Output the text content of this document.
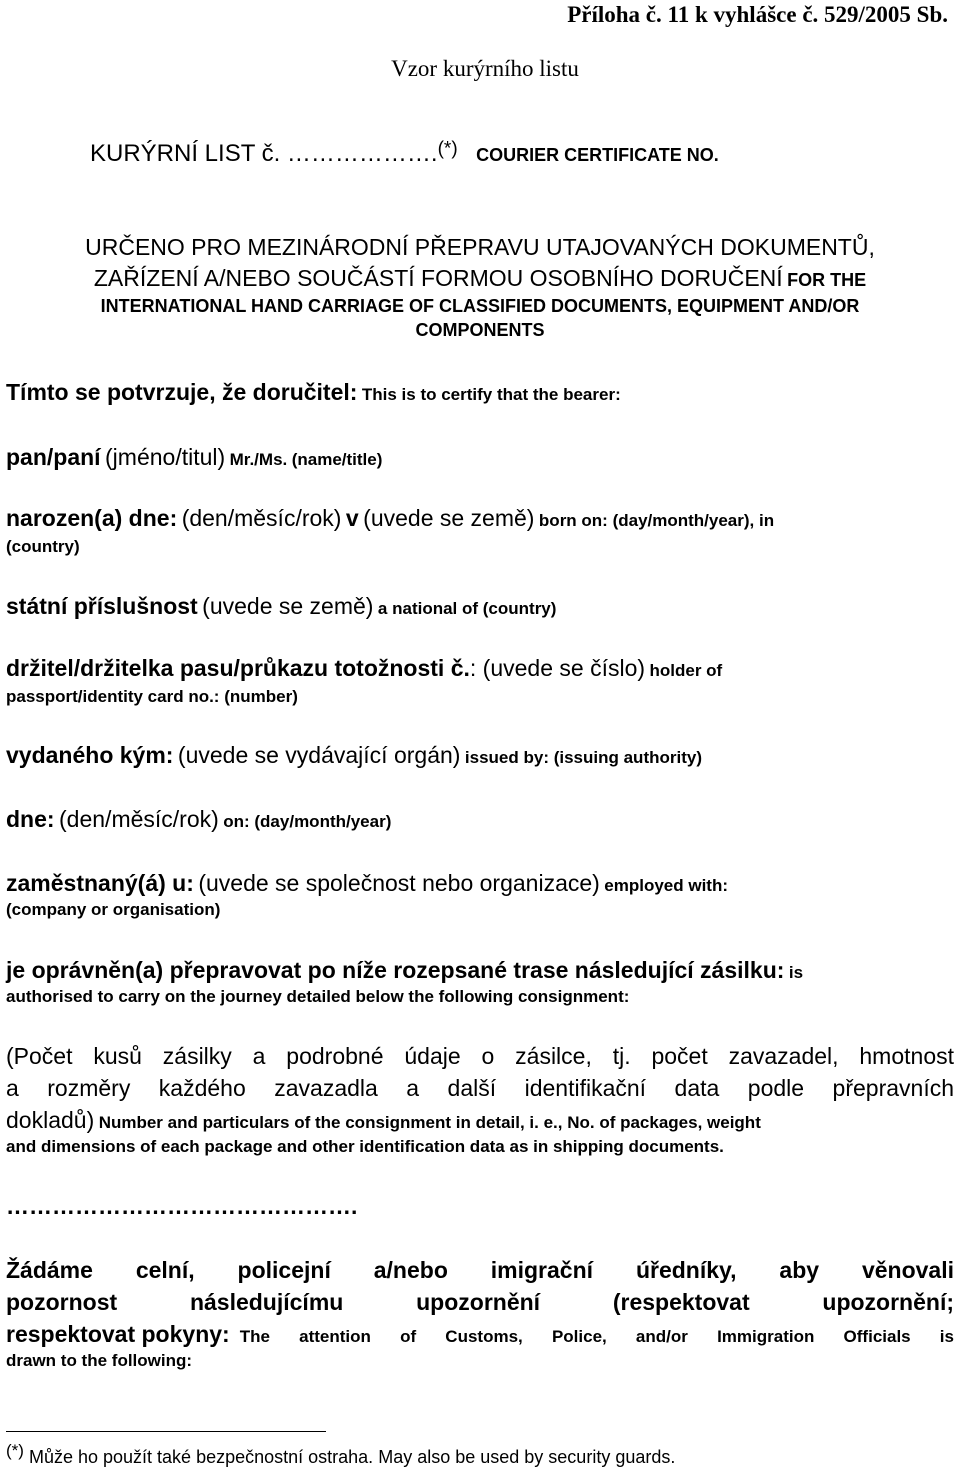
Příloha č. 11 k vyhlášce č. 529/2005 Sb.
Vzor kurýrního listu
KURÝRNÍ LIST č. ……………….(*) COURIER CERTIFICATE NO.
URČENO PRO MEZINÁRODNÍ PŘEPRAVU UTAJOVANÝCH DOKUMENTŮ,
ZAŘÍZENÍ A/NEBO SOUČÁSTÍ FORMOU OSOBNÍHO DORUČENÍ FOR THE
INTERNATIONAL HAND CARRIAGE OF CLASSIFIED DOCUMENTS, EQUIPMENT AND/OR
COMPONENTS
Tímto se potvrzuje, že doručitel: This is to certify that the bearer:
pan/paní (jméno/titul) Mr./Ms. (name/title)
narozen(a) dne: (den/měsíc/rok) v (uvede se země) born on: (day/month/year), in
(country)
státní příslušnost (uvede se země) a national of (country)
držitel/držitelka pasu/průkazu totožnosti č.: (uvede se číslo) holder of
passport/identity card no.: (number)
vydaného kým: (uvede se vydávající orgán) issued by: (issuing authority)
dne: (den/měsíc/rok) on: (day/month/year)
zaměstnaný(á) u: (uvede se společnost nebo organizace) employed with:
(company or organisation)
je oprávněn(a) přepravovat po níže rozepsané trase následující zásilku: is
authorised to carry on the journey detailed below the following consignment:
(Počet kusů zásilky a podrobné údaje o zásilce, tj. počet zavazadel, hmotnost
a rozměry každého zavazadla a další identifikační data podle přepravních
dokladů) Number and particulars of the consignment in detail, i. e., No. of packages, weight
and dimensions of each package and other identification data as in shipping documents.
……………………………………….
Žádáme celní, policejní a/nebo imigrační úředníky, aby věnovali
pozornost následujícímu upozornění (respektovat upozornění;
respektovat pokyny: The attention of Customs, Police, and/or Immigration Officials is
drawn to the following:
(*) Může ho použít také bezpečnostní ostraha. May also be used by security guards.
